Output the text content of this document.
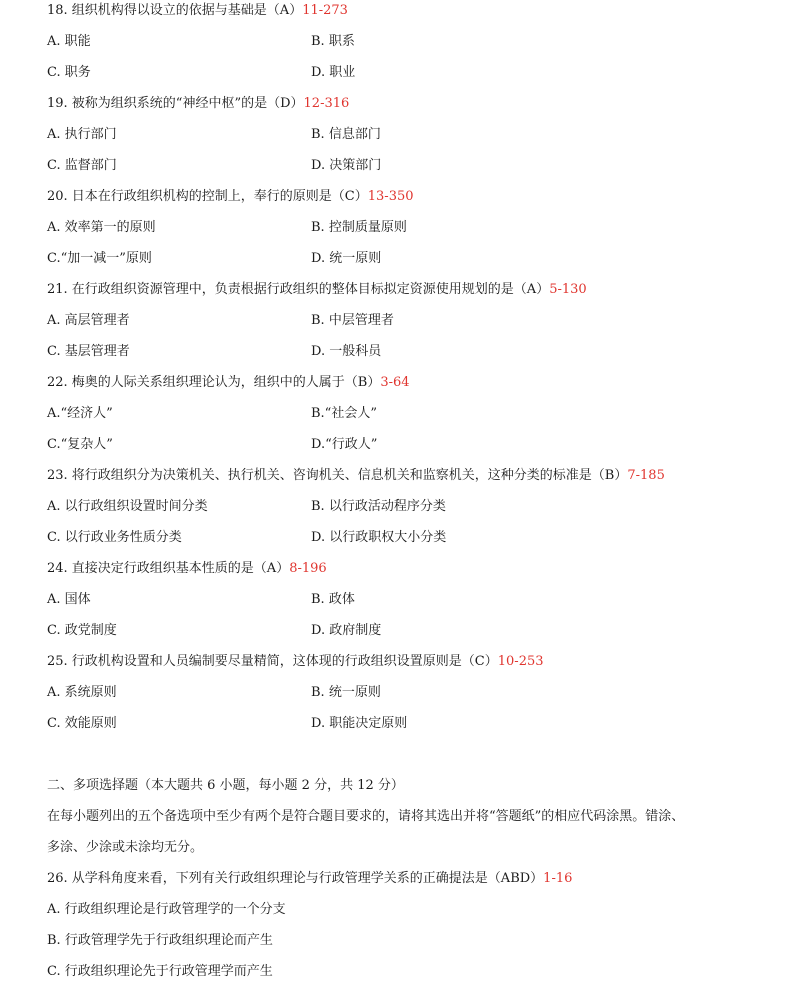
18. 组织机构得以设立的依据与基础是（A）11-273
A. 职能	B. 职系
C. 职务	D. 职业
19. 被称为组织系统的“神经中枢”的是（D）12-316
A. 执行部门	B. 信息部门
C. 监督部门	D. 决策部门
20. 日本在行政组织机构的控制上，奉行的原则是（C）13-350
A. 效率第一的原则	B. 控制质量原则
C.“加一减一”原则	D. 统一原则
21. 在行政组织资源管理中，负责根据行政组织的整体目标拟定资源使用规划的是（A）5-130
A. 高层管理者	B. 中层管理者
C. 基层管理者	D. 一般科员
22. 梅奥的人际关系组织理论认为，组织中的人属于（B）3-64
A.“经济人”	B.“社会人”
C.“复杂人”	D.“行政人”
23. 将行政组织分为决策机关、执行机关、咨询机关、信息机关和监察机关，这种分类的标准是（B）7-185
A. 以行政组织设置时间分类	B. 以行政活动程序分类
C. 以行政业务性质分类	D. 以行政职权大小分类
24. 直接决定行政组织基本性质的是（A）8-196
A. 国体	B. 政体
C. 政党制度	D. 政府制度
25. 行政机构设置和人员编制要尽量精简，这体现的行政组织设置原则是（C）10-253
A. 系统原则	B. 统一原则
C. 效能原则	D. 职能决定原则
二、多项选择题（本大题共 6 小题，每小题 2 分，共 12 分）
在每小题列出的五个备选项中至少有两个是符合题目要求的，请将其选出并将“答题纸”的相应代码涂黑。错涂、
多涂、少涂或未涂均无分。
26. 从学科角度来看，下列有关行政组织理论与行政管理学关系的正确提法是（ABD）1-16
A. 行政组织理论是行政管理学的一个分支
B. 行政管理学先于行政组织理论而产生
C. 行政组织理论先于行政管理学而产生
